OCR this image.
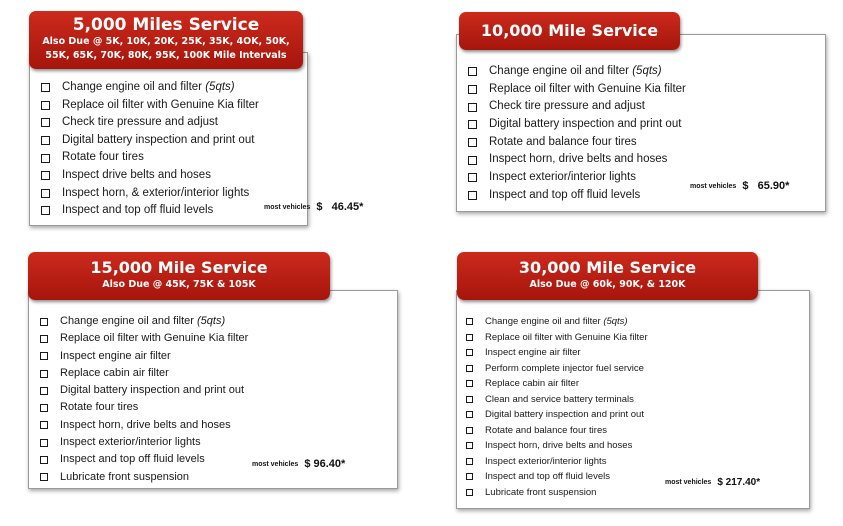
5,000 Miles Service
Also Due @ 5K, 10K, 20K, 25K, 35K, 4OK, 50K,
55K, 65K, 70K, 80K, 95K, 100K Mile Intervals
Change engine oil and filter (5qts)
Replace oil filter with Genuine Kia filter
Check tire pressure and adjust
Digital battery inspection and print out
Rotate four tires
Inspect drive belts and hoses
Inspect horn, & exterior/interior lights
Inspect and top off fluid levels	most vehicles $   46.45*
10,000 Mile Service
Change engine oil and filter (5qts)
Replace oil filter with Genuine Kia filter
Check tire pressure and adjust
Digital battery inspection and print out
Rotate and balance four tires
Inspect horn, drive belts and hoses
Inspect exterior/interior lights
Inspect and top off fluid levels
most vehicles $   65.90*
15,000 Mile Service
Also Due @ 45K, 75K & 105K
Change engine oil and filter (5qts)
Replace oil filter with Genuine Kia filter
Inspect engine air filter
Replace cabin air filter
Digital battery inspection and print out
Rotate four tires
Inspect horn, drive belts and hoses
Inspect exterior/interior lights
Inspect and top off fluid levels
Lubricate front suspension
most vehicles $ 96.40*
30,000 Mile Service
Also Due @ 60k, 90K, & 120K
Change engine oil and filter (5qts)
Replace oil filter with Genuine Kia filter
Inspect engine air filter
Perform complete injector fuel service
Replace cabin air filter
Clean and service battery terminals
Digital battery inspection and print out
Rotate and balance four tires
Inspect horn, drive belts and hoses
Inspect exterior/interior lights
Inspect and top off fluid levels
Lubricate front suspension
most vehicles $ 217.40*
